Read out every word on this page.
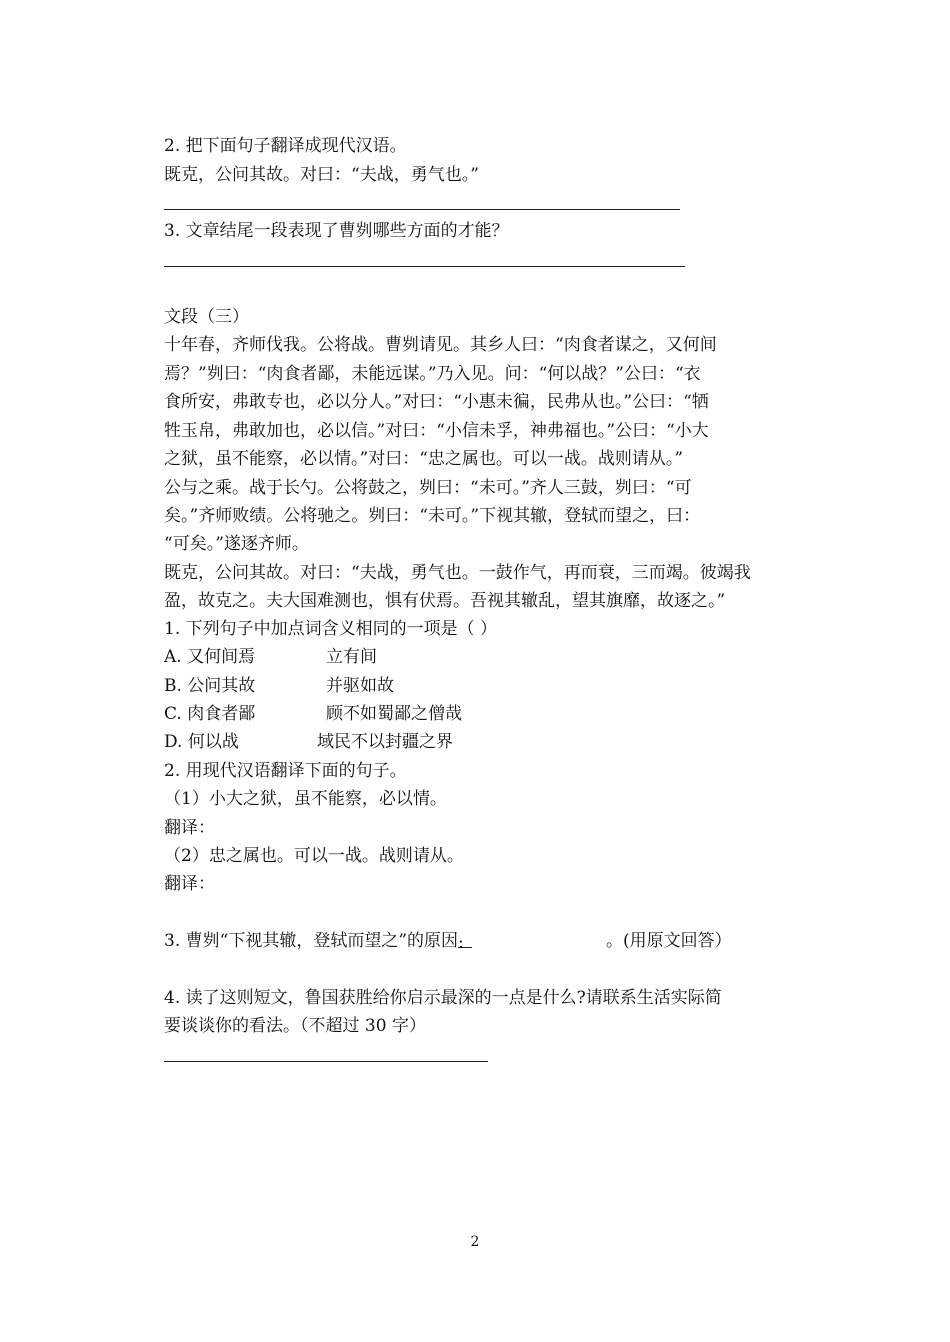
2. 把下面句子翻译成现代汉语。
既克，公问其故。对曰：“夫战，勇气也。”
3. 文章结尾一段表现了曹刿哪些方面的才能？
文段（三）
十年春，齐师伐我。公将战。曹刿请见。其乡人曰：“肉食者谋之，又何间
焉？”刿曰：“肉食者鄙，未能远谋。”乃入见。问：“何以战？”公曰：“衣
食所安，弗敢专也，必以分人。”对曰：“小惠未徧，民弗从也。”公曰：“牺
牲玉帛，弗敢加也，必以信。”对曰：“小信未孚，神弗福也。”公曰：“小大
之狱，虽不能察，必以情。”对曰：“忠之属也。可以一战。战则请从。”
公与之乘。战于长勺。公将鼓之，刿曰：“未可。”齐人三鼓，刿曰：“可
矣。”齐师败绩。公将驰之。刿曰：“未可。”下视其辙，登轼而望之，曰：
“可矣。”遂逐齐师。
既克，公问其故。对曰：“夫战，勇气也。一鼓作气，再而衰，三而竭。彼竭我
盈，故克之。夫大国难测也，惧有伏焉。吾视其辙乱，望其旗靡，故逐之。”
1. 下列句子中加点词含义相同的一项是（ ）
A. 又何间焉	立有间
B. 公问其故	并驱如故
C. 肉食者鄙	顾不如蜀鄙之僧哉
D. 何以战	域民不以封疆之界
2. 用现代汉语翻译下面的句子。
（1）小大之狱，虽不能察，必以情。
翻译：
（2）忠之属也。可以一战。战则请从。
翻译：
3. 曹刿“下视其辙，登轼而望之”的原因:	。(用原文回答）
4. 读了这则短文，鲁国获胜给你启示最深的一点是什么?请联系生活实际简
要谈谈你的看法。（不超过 30 字）
2
